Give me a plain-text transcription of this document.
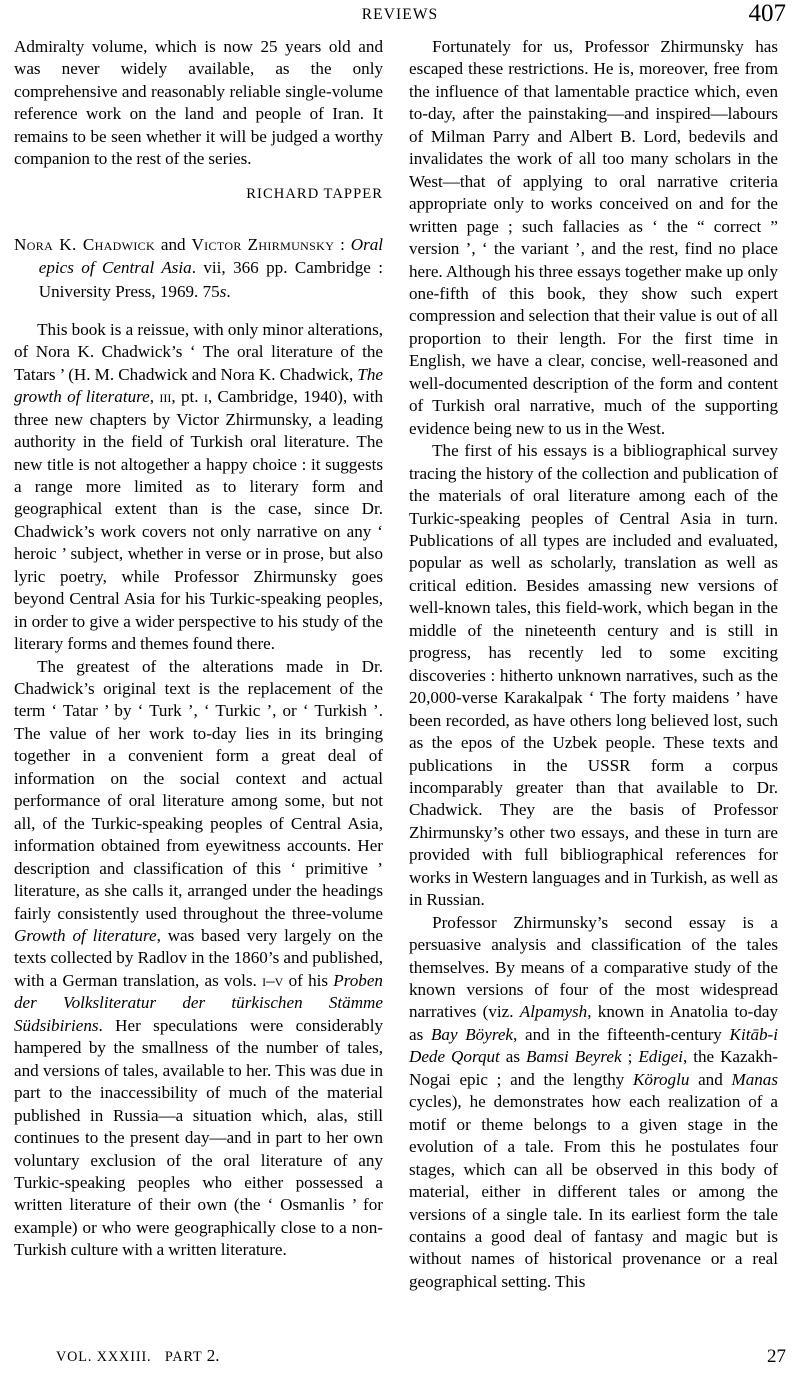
REVIEWS	407

Admiralty volume, which is now 25 years old and was never widely available, as the only comprehensive and reasonably reliable single-volume reference work on the land and people of Iran. It remains to be seen whether it will be judged a worthy companion to the rest of the series.

RICHARD TAPPER

Nora K. Chadwick and Victor Zhirmunsky : Oral epics of Central Asia. vii, 366 pp. Cambridge : University Press, 1969. 75s.

This book is a reissue, with only minor alterations, of Nora K. Chadwick’s ‘ The oral literature of the Tatars ’ (H. M. Chadwick and Nora K. Chadwick, The growth of literature, iii, pt. i, Cambridge, 1940), with three new chapters by Victor Zhirmunsky, a leading authority in the field of Turkish oral literature. The new title is not altogether a happy choice : it suggests a range more limited as to literary form and geographical extent than is the case, since Dr. Chadwick’s work covers not only narrative on any ‘ heroic ’ subject, whether in verse or in prose, but also lyric poetry, while Professor Zhirmunsky goes beyond Central Asia for his Turkic-speaking peoples, in order to give a wider perspective to his study of the literary forms and themes found there.

The greatest of the alterations made in Dr. Chadwick’s original text is the replacement of the term ‘ Tatar ’ by ‘ Turk ’, ‘ Turkic ’, or ‘ Turkish ’. The value of her work to-day lies in its bringing together in a convenient form a great deal of information on the social context and actual performance of oral literature among some, but not all, of the Turkic-speaking peoples of Central Asia, information obtained from eyewitness accounts. Her description and classification of this ‘ primitive ’ literature, as she calls it, arranged under the headings fairly consistently used throughout the three-volume Growth of literature, was based very largely on the texts collected by Radlov in the 1860’s and published, with a German translation, as vols. i–v of his Proben der Volksliteratur der türkischen Stämme Südsibiriens. Her speculations were considerably hampered by the smallness of the number of tales, and versions of tales, available to her. This was due in part to the inaccessibility of much of the material published in Russia—a situation which, alas, still continues to the present day—and in part to her own voluntary exclusion of the oral literature of any Turkic-speaking peoples who either possessed a written literature of their own (the ‘ Osmanlis ’ for example) or who were geographically close to a non-Turkish culture with a written literature.

Fortunately for us, Professor Zhirmunsky has escaped these restrictions. He is, moreover, free from the influence of that lamentable practice which, even to-day, after the painstaking—and inspired—labours of Milman Parry and Albert B. Lord, bedevils and invalidates the work of all too many scholars in the West—that of applying to oral narrative criteria appropriate only to works conceived on and for the written page ; such fallacies as ‘ the “ correct ” version ’, ‘ the variant ’, and the rest, find no place here. Although his three essays together make up only one-fifth of this book, they show such expert compression and selection that their value is out of all proportion to their length. For the first time in English, we have a clear, concise, well-reasoned and well-documented description of the form and content of Turkish oral narrative, much of the supporting evidence being new to us in the West.

The first of his essays is a bibliographical survey tracing the history of the collection and publication of the materials of oral literature among each of the Turkic-speaking peoples of Central Asia in turn. Publications of all types are included and evaluated, popular as well as scholarly, translation as well as critical edition. Besides amassing new versions of well-known tales, this field-work, which began in the middle of the nineteenth century and is still in progress, has recently led to some exciting discoveries : hitherto unknown narratives, such as the 20,000-verse Karakalpak ‘ The forty maidens ’ have been recorded, as have others long believed lost, such as the epos of the Uzbek people. These texts and publications in the USSR form a corpus incomparably greater than that available to Dr. Chadwick. They are the basis of Professor Zhirmunsky’s other two essays, and these in turn are provided with full bibliographical references for works in Western languages and in Turkish, as well as in Russian.

Professor Zhirmunsky’s second essay is a persuasive analysis and classification of the tales themselves. By means of a comparative study of the known versions of four of the most widespread narratives (viz. Alpamysh, known in Anatolia to-day as Bay Böyrek, and in the fifteenth-century Kitāb-i Dede Qorqut as Bamsi Beyrek ; Edigei, the Kazakh-Nogai epic ; and the lengthy Köroglu and Manas cycles), he demonstrates how each realization of a motif or theme belongs to a given stage in the evolution of a tale. From this he postulates four stages, which can all be observed in this body of material, either in different tales or among the versions of a single tale. In its earliest form the tale contains a good deal of fantasy and magic but is without names of historical provenance or a real geographical setting. This

VOL. XXXIII. PART 2.	27
